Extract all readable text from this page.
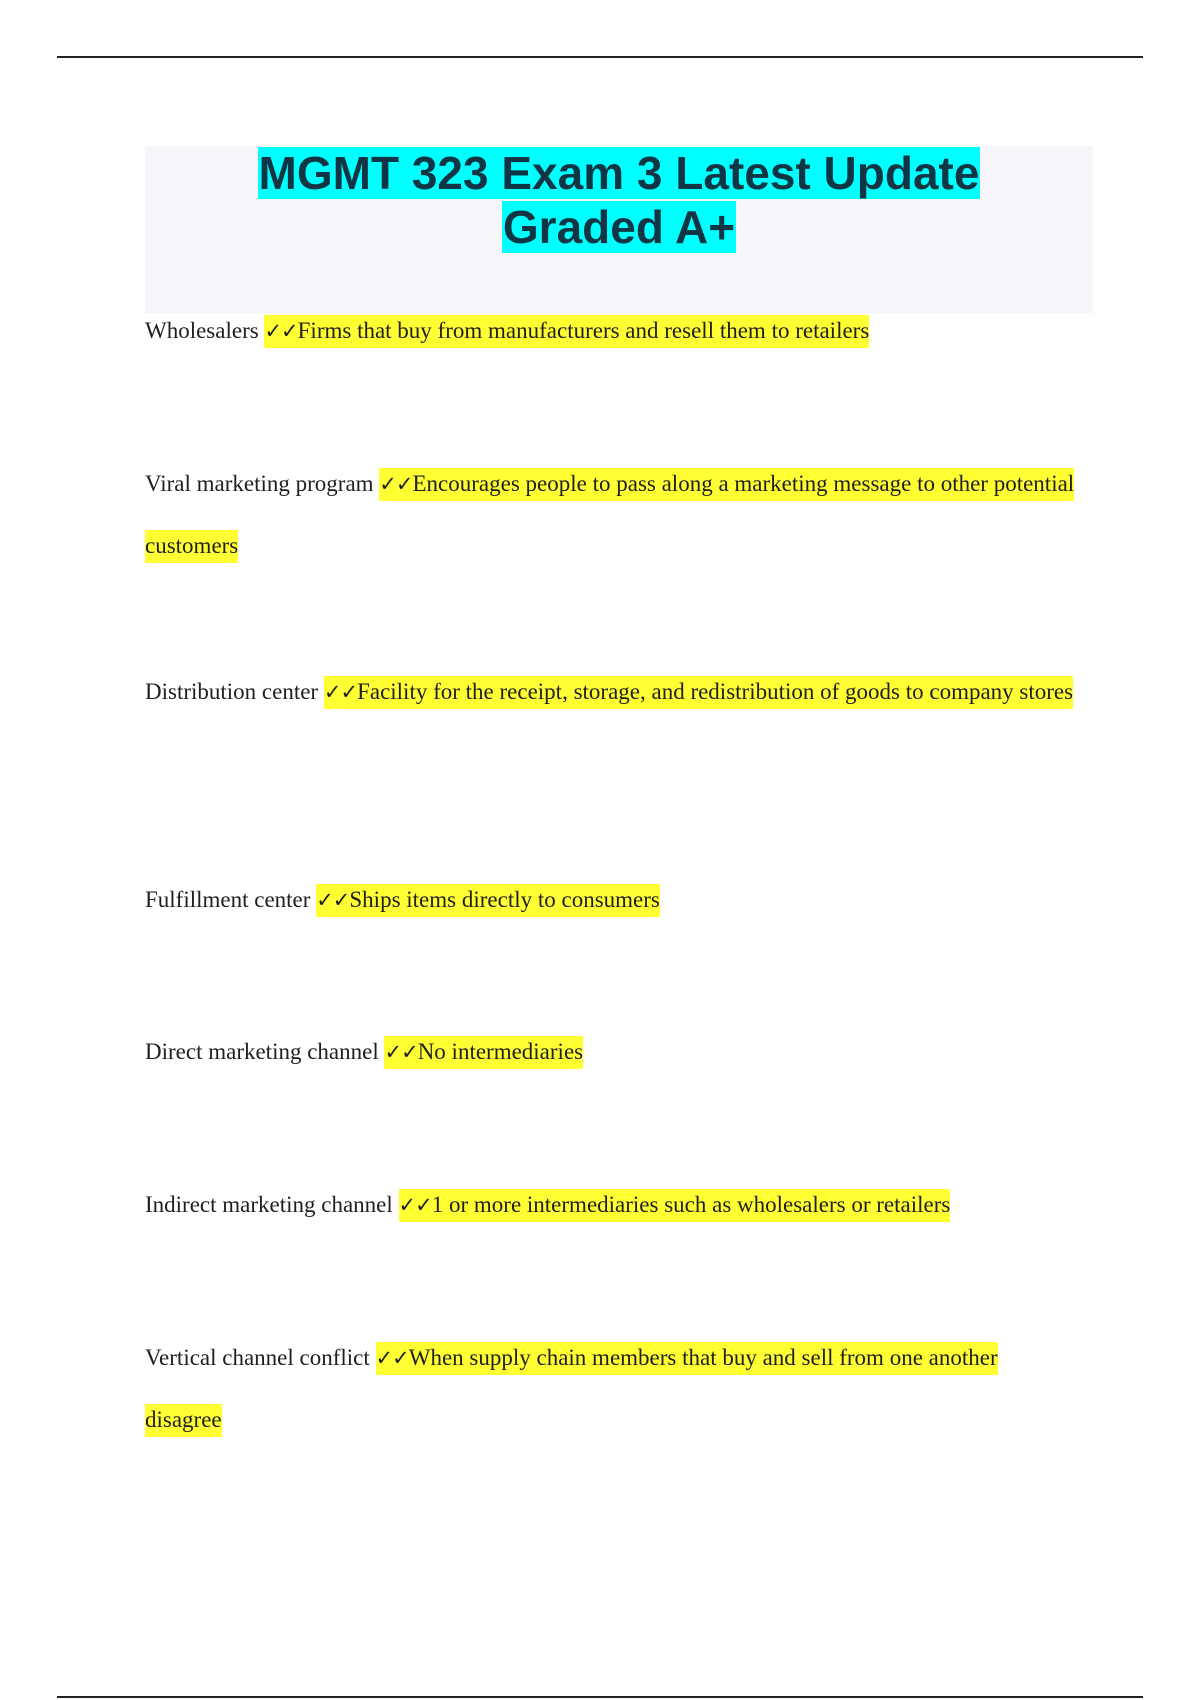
MGMT 323 Exam 3 Latest Update Graded A+
Wholesalers ✓✓Firms that buy from manufacturers and resell them to retailers
Viral marketing program ✓✓Encourages people to pass along a marketing message to other potential customers
Distribution center ✓✓Facility for the receipt, storage, and redistribution of goods to company stores
Fulfillment center ✓✓Ships items directly to consumers
Direct marketing channel ✓✓No intermediaries
Indirect marketing channel ✓✓1 or more intermediaries such as wholesalers or retailers
Vertical channel conflict ✓✓When supply chain members that buy and sell from one another disagree
